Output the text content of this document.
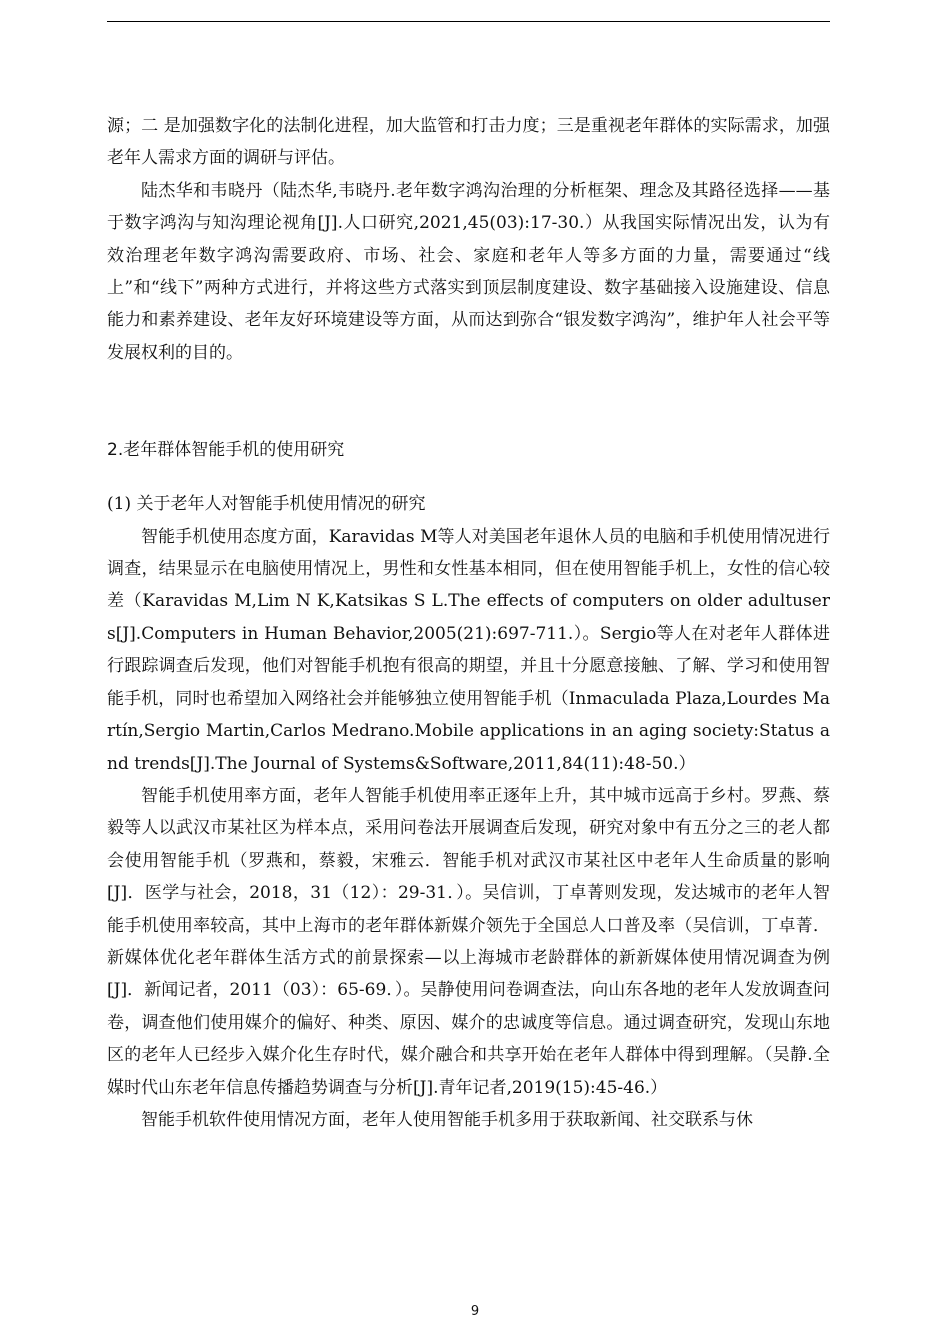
源；二 是加强数字化的法制化进程，加大监管和打击力度；三是重视老年群体的实际需求，加强老年人需求方面的调研与评估。

陆杰华和韦晓丹（陆杰华,韦晓丹.老年数字鸿沟治理的分析框架、理念及其路径选择——基于数字鸿沟与知沟理论视角[J].人口研究,2021,45(03):17-30.）从我国实际情况出发，认为有效治理老年数字鸿沟需要政府、市场、社会、家庭和老年人等多方面的力量，需要通过“线上”和“线下”两种方式进行，并将这些方式落实到顶层制度建设、数字基础接入设施建设、信息能力和素养建设、老年友好环境建设等方面，从而达到弥合“银发数字鸿沟”，维护年人社会平等发展权利的目的。

2.老年群体智能手机的使用研究

(1) 关于老年人对智能手机使用情况的研究

智能手机使用态度方面，Karavidas M等人对美国老年退休人员的电脑和手机使用情况进行调查，结果显示在电脑使用情况上，男性和女性基本相同，但在使用智能手机上，女性的信心较差（Karavidas M,Lim N K,Katsikas S L.The effects of computers on older adultusers[J].Computers in Human Behavior,2005(21):697-711.）。Sergio等人在对老年人群体进行跟踪调查后发现，他们对智能手机抱有很高的期望，并且十分愿意接触、了解、学习和使用智能手机，同时也希望加入网络社会并能够独立使用智能手机（Inmaculada Plaza,Lourdes Martín,Sergio Martin,Carlos Medrano.Mobile applications in an aging society:Status and trends[J].The Journal of Systems&Software,2011,84(11):48-50.）

智能手机使用率方面，老年人智能手机使用率正逐年上升，其中城市远高于乡村。罗燕、蔡毅等人以武汉市某社区为样本点，采用问卷法开展调查后发现，研究对象中有五分之三的老人都会使用智能手机（罗燕和，蔡毅，宋雅云．智能手机对武汉市某社区中老年人生命质量的影响[J]．医学与社会，2018，31（12）：29-31．）。吴信训，丁卓菁则发现，发达城市的老年人智能手机使用率较高，其中上海市的老年群体新媒介领先于全国总人口普及率（吴信训，丁卓菁．新媒体优化老年群体生活方式的前景探索—以上海城市老龄群体的新新媒体使用情况调查为例[J]．新闻记者，2011（03）：65-69．）。吴静使用问卷调查法，向山东各地的老年人发放调查问卷，调查他们使用媒介的偏好、种类、原因、媒介的忠诚度等信息。通过调查研究，发现山东地区的老年人已经步入媒介化生存时代，媒介融合和共享开始在老年人群体中得到理解。（吴静.全媒时代山东老年信息传播趋势调查与分析[J].青年记者,2019(15):45-46.）

智能手机软件使用情况方面，老年人使用智能手机多用于获取新闻、社交联系与休

9
